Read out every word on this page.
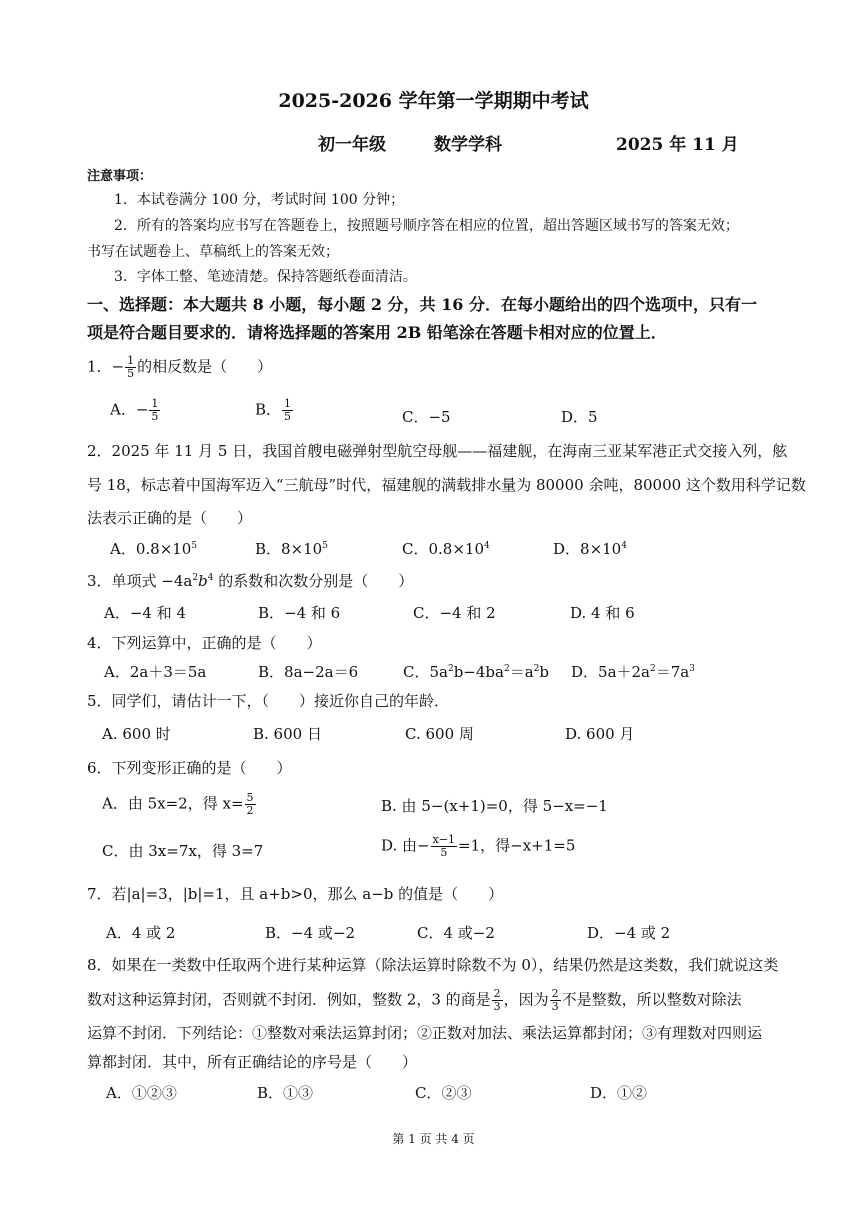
2025-2026 学年第一学期期中考试
初一年级	数学学科	2025 年 11 月
注意事项：
1．本试卷满分 100 分，考试时间 100 分钟；
2．所有的答案均应书写在答题卷上，按照题号顺序答在相应的位置，超出答题区域书写的答案无效；
书写在试题卷上、草稿纸上的答案无效；
3．字体工整、笔迹清楚。保持答题纸卷面清洁。
一、选择题：本大题共 8 小题，每小题 2 分，共 16 分．在每小题给出的四个选项中，只有一
项是符合题目要求的．请将选择题的答案用 2B 铅笔涂在答题卡相对应的位置上．
1．− $\frac{1}{5}$ 的相反数是（　　）
A．− $\frac{1}{5}$	B． $\frac{1}{5}$	C．−5	D．5
2．2025 年 11 月 5 日，我国首艘电磁弹射型航空母舰——福建舰，在海南三亚某军港正式交接入列，舷
号 18，标志着中国海军迈入“三航母”时代，福建舰的满载排水量为 80000 余吨，80000 这个数用科学记数
法表示正确的是（　　）
A．$0.8\times 10^5$	B．$8\times 10^5$	C．$0.8\times 10^4$	D．$8\times 10^4$
3．单项式 $-4a^2b^4$ 的系数和次数分别是（　　）
A．−4 和 4	B．−4 和 6	C．−4 和 2	D. 4 和 6
4．下列运算中，正确的是（　　）
A．2a＋3＝5a	B．8a−2a＝6	C．$5a^2b-4ba^2=a^2b$ D．$5a+2a^2=7a^3$
5．同学们，请估计一下，（　　）接近你自己的年龄．
A. 600 时	B. 600 日	C. 600 周	D. 600 月
6．下列变形正确的是（　　）
A．由 5x=2，得 $x= \frac{5}{2}$	B. 由 5−(x+1)=0，得 5−x=−1
C．由 3x=7x，得 3=7	D. 由− $\frac{x-1}{5} =1$，得−x+1=5
7．若|a|=3，|b|=1，且 a+b>0，那么 a−b 的值是（　　）
A．4 或 2	B．−4 或−2	C．4 或−2	D．−4 或 2
8．如果在一类数中任取两个进行某种运算（除法运算时除数不为 0），结果仍然是这类数，我们就说这类
数对这种运算封闭，否则就不封闭．例如，整数 2，3 的商是 $\frac{2}{3}$ ，因为 $\frac{2}{3}$ 不是整数，所以整数对除法
运算不封闭．下列结论：①整数对乘法运算封闭；②正数对加法、乘法运算都封闭；③有理数对四则运
算都封闭．其中，所有正确结论的序号是（　　）
A．①②③	B．①③	C．②③	D．①②
第 1 页 共 4 页
